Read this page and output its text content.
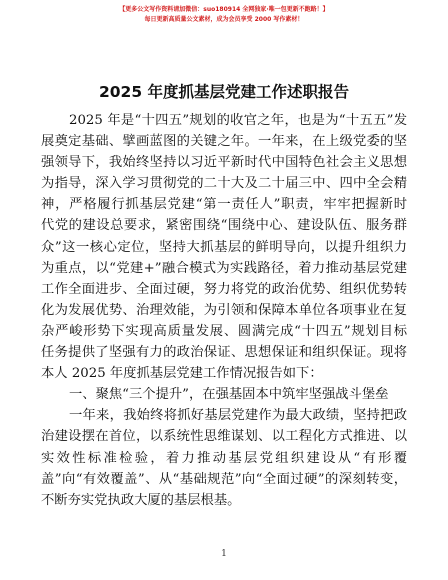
【更多公文写作资料请加微信：suo180914 全网独家·唯一包更新不跑路！】
每日更新高质量公文素材，成为会员享受 2000 写作素材！
2025 年度抓基层党建工作述职报告
2025 年是“十四五”规划的收官之年，也是为“十五五”发
展奠定基础、擘画蓝图的关键之年。一年来，在上级党委的坚
强领导下，我始终坚持以习近平新时代中国特色社会主义思想
为指导，深入学习贯彻党的二十大及二十届三中、四中全会精
神，严格履行抓基层党建“第一责任人”职责，牢牢把握新时
代党的建设总要求，紧密围绕“围绕中心、建设队伍、服务群
众”这一核心定位，坚持大抓基层的鲜明导向，以提升组织力
为重点，以“党建+”融合模式为实践路径，着力推动基层党建
工作全面进步、全面过硬，努力将党的政治优势、组织优势转
化为发展优势、治理效能，为引领和保障本单位各项事业在复
杂严峻形势下实现高质量发展、圆满完成“十四五”规划目标
任务提供了坚强有力的政治保证、思想保证和组织保证。现将
本人 2025 年度抓基层党建工作情况报告如下：
一、聚焦“三个提升”，在强基固本中筑牢坚强战斗堡垒
一年来，我始终将抓好基层党建作为最大政绩，坚持把政
治建设摆在首位，以系统性思维谋划、以工程化方式推进、以
实效性标准检验，着力推动基层党组织建设从“有形覆
盖”向“有效覆盖”、从“基础规范”向“全面过硬”的深刻转变，
不断夯实党执政大厦的基层根基。
1
